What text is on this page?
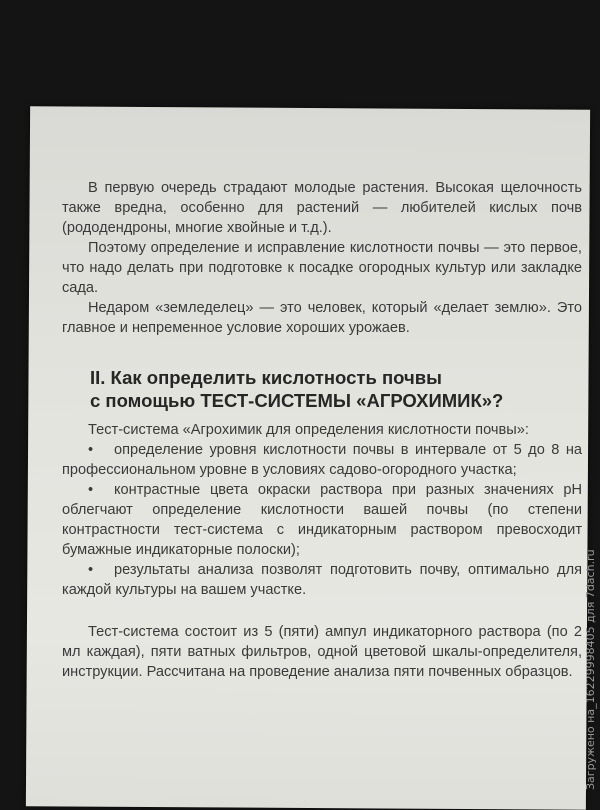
В первую очередь страдают молодые растения. Высокая щелочность также вредна, особенно для растений — любителей кислых почв (рододендроны, многие хвойные и т.д.).

Поэтому определение и исправление кислотности почвы — это первое, что надо делать при подготовке к посадке огородных культур или закладке сада.

Недаром «земледелец» — это человек, который «делает землю». Это главное и непременное условие хороших урожаев.

II. Как определить кислотность почвы
с помощью ТЕСТ-СИСТЕМЫ «АГРОХИМИК»?

Тест-система «Агрохимик для определения кислотности почвы»:

• определение уровня кислотности почвы в интервале от 5 до 8 на профессиональном уровне в условиях садово-огородного участка;

• контрастные цвета окраски раствора при разных значениях pH облегчают определение кислотности вашей почвы (по степени контрастности тест-система с индикаторным раствором превосходит бумажные индикаторные полоски);

• результаты анализа позволят подготовить почву, оптимально для каждой культуры на вашем участке.

Тест-система состоит из 5 (пяти) ампул индикаторного раствора (по 2 мл каждая), пяти ватных фильтров, одной цветовой шкалы-определителя, инструкции. Рассчитана на проведение анализа пяти почвенных образцов.	Загружено на_16229998405 для 7dach.ru
